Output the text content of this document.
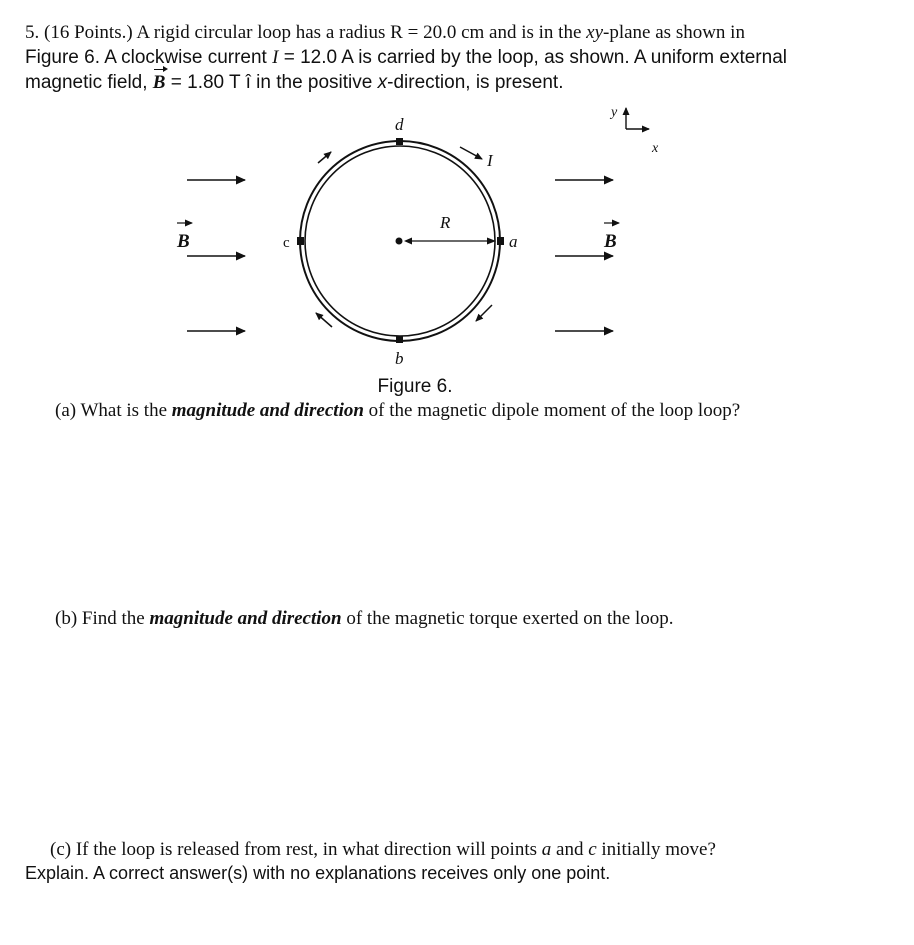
5. (16 Points.) A rigid circular loop has a radius R = 20.0 cm and is in the xy-plane as shown in
Figure 6. A clockwise current I = 12.0 A is carried by the loop, as shown. A uniform external
magnetic field, B = 1.80 T î in the positive x-direction, is present.
d
b
a
c
R
I
B	B
y
x
Figure 6.
(a) What is the magnitude and direction of the magnetic dipole moment of the loop loop?
(b) Find the magnitude and direction of the magnetic torque exerted on the loop.
(c) If the loop is released from rest, in what direction will points a and c initially move?
Explain. A correct answer(s) with no explanations receives only one point.
